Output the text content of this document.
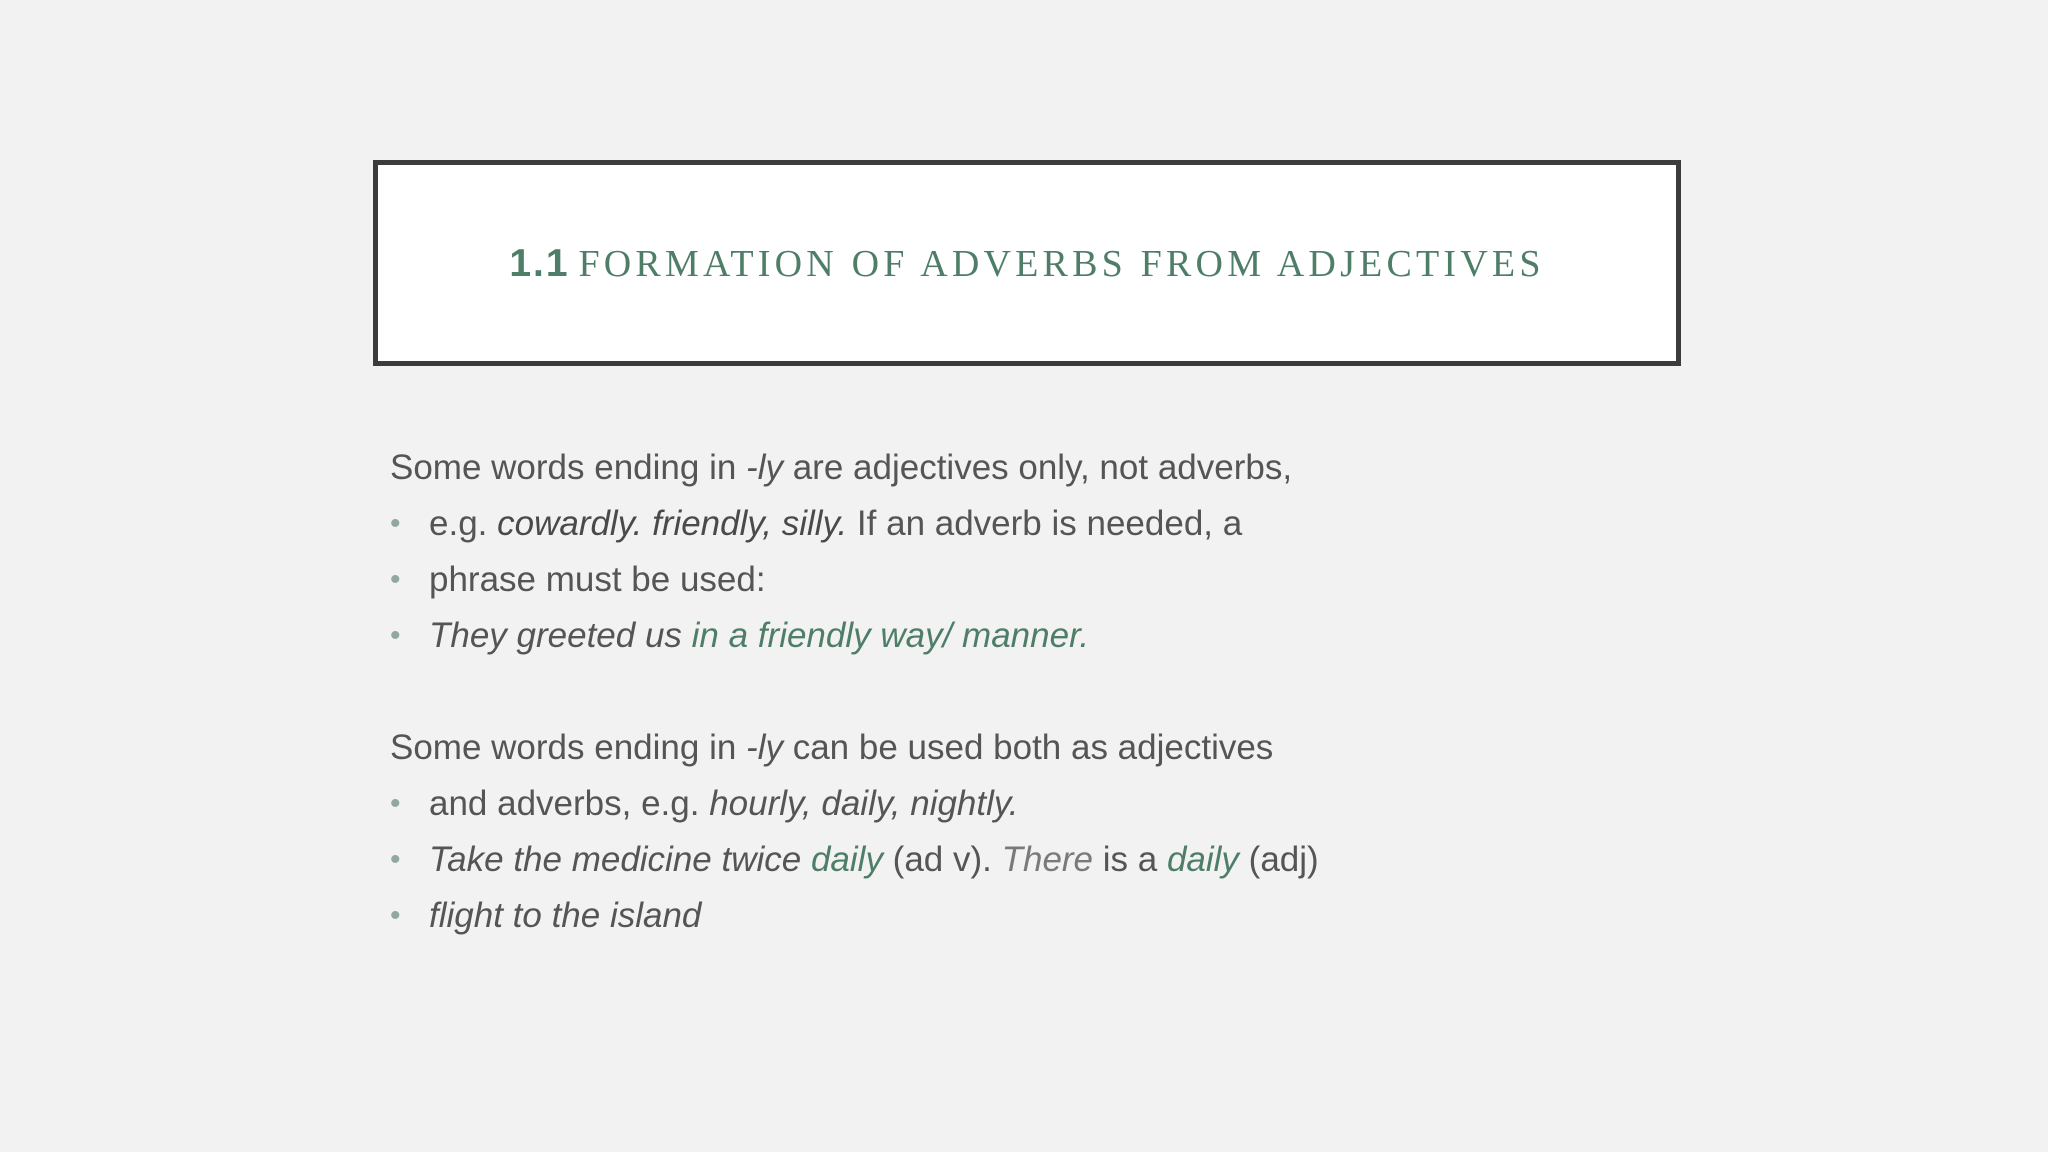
1.1 FORMATION OF ADVERBS FROM ADJECTIVES
Some words ending in -ly are adjectives only, not adverbs,
• e.g. cowardly. friendly, silly. If an adverb is needed, a
• phrase must be used:
• They greeted us in a friendly way/ manner.
Some words ending in -ly can be used both as adjectives
• and adverbs, e.g. hourly, daily, nightly.
• Take the medicine twice daily (ad v). There is a daily (adj)
• flight to the island
